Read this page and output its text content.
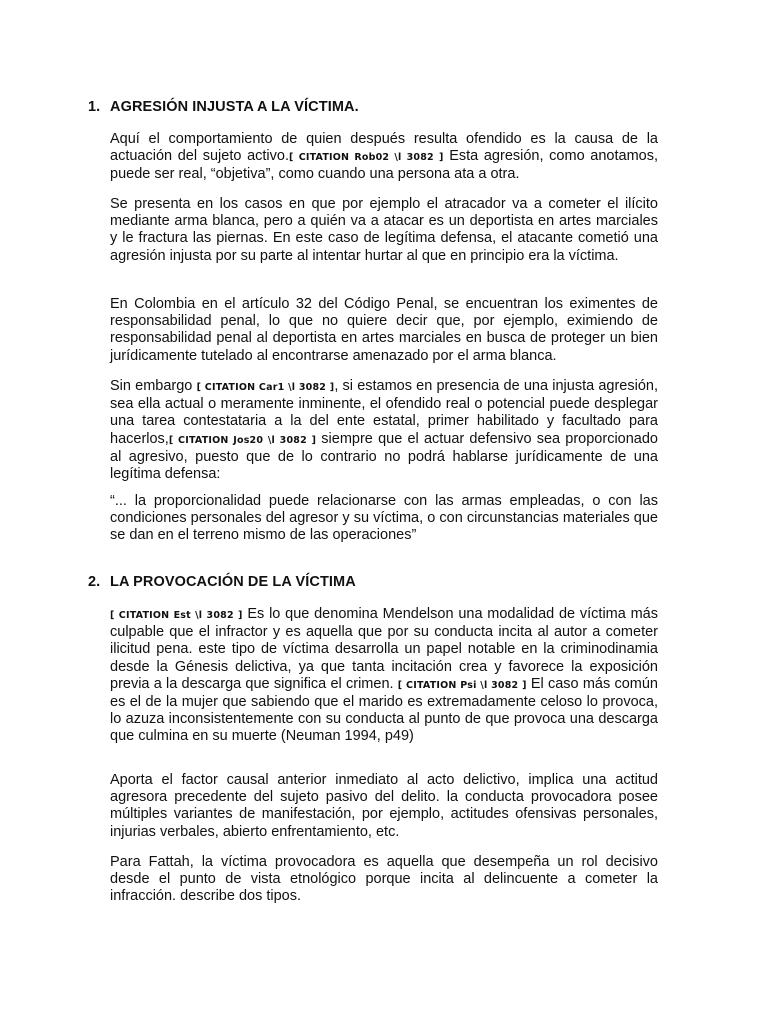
1. AGRESIÓN INJUSTA A LA VÍCTIMA.

Aquí el comportamiento de quien después resulta ofendido es la causa de la actuación del sujeto activo.[ CITATION Rob02 \l 3082 ] Esta agresión, como anotamos, puede ser real, “objetiva”, como cuando una persona ata a otra.

Se presenta en los casos en que por ejemplo el atracador va a cometer el ilícito mediante arma blanca, pero a quién va a atacar es un deportista en artes marciales y le fractura las piernas. En este caso de legítima defensa, el atacante cometió una agresión injusta por su parte al intentar hurtar al que en principio era la víctima.

En Colombia en el artículo 32 del Código Penal, se encuentran los eximentes de responsabilidad penal, lo que no quiere decir que, por ejemplo, eximiendo de responsabilidad penal al deportista en artes marciales en busca de proteger un bien jurídicamente tutelado al encontrarse amenazado por el arma blanca.

Sin embargo [ CITATION Car1 \l 3082 ], si estamos en presencia de una injusta agresión, sea ella actual o meramente inminente, el ofendido real o potencial puede desplegar una tarea contestataria a la del ente estatal, primer habilitado y facultado para hacerlos,[ CITATION Jos20 \l 3082 ] siempre que el actuar defensivo sea proporcionado al agresivo, puesto que de lo contrario no podrá hablarse jurídicamente de una legítima defensa:

“... la proporcionalidad puede relacionarse con las armas empleadas, o con las condiciones personales del agresor y su víctima, o con circunstancias materiales que se dan en el terreno mismo de las operaciones”

2. LA PROVOCACIÓN DE LA VÍCTIMA

[ CITATION Est \l 3082 ] Es lo que denomina Mendelson una modalidad de víctima más culpable que el infractor y es aquella que por su conducta incita al autor a cometer ilicitud pena. este tipo de víctima desarrolla un papel notable en la criminodinamia desde la Génesis delictiva, ya que tanta incitación crea y favorece la exposición previa a la descarga que significa el crimen. [ CITATION Psi \l 3082 ] El caso más común es el de la mujer que sabiendo que el marido es extremadamente celoso lo provoca, lo azuza inconsistentemente con su conducta al punto de que provoca una descarga que culmina en su muerte (Neuman 1994, p49)

Aporta el factor causal anterior inmediato al acto delictivo, implica una actitud agresora precedente del sujeto pasivo del delito. la conducta provocadora posee múltiples variantes de manifestación, por ejemplo, actitudes ofensivas personales, injurias verbales, abierto enfrentamiento, etc.

Para Fattah, la víctima provocadora es aquella que desempeña un rol decisivo desde el punto de vista etnológico porque incita al delincuente a cometer la infracción. describe dos tipos.
